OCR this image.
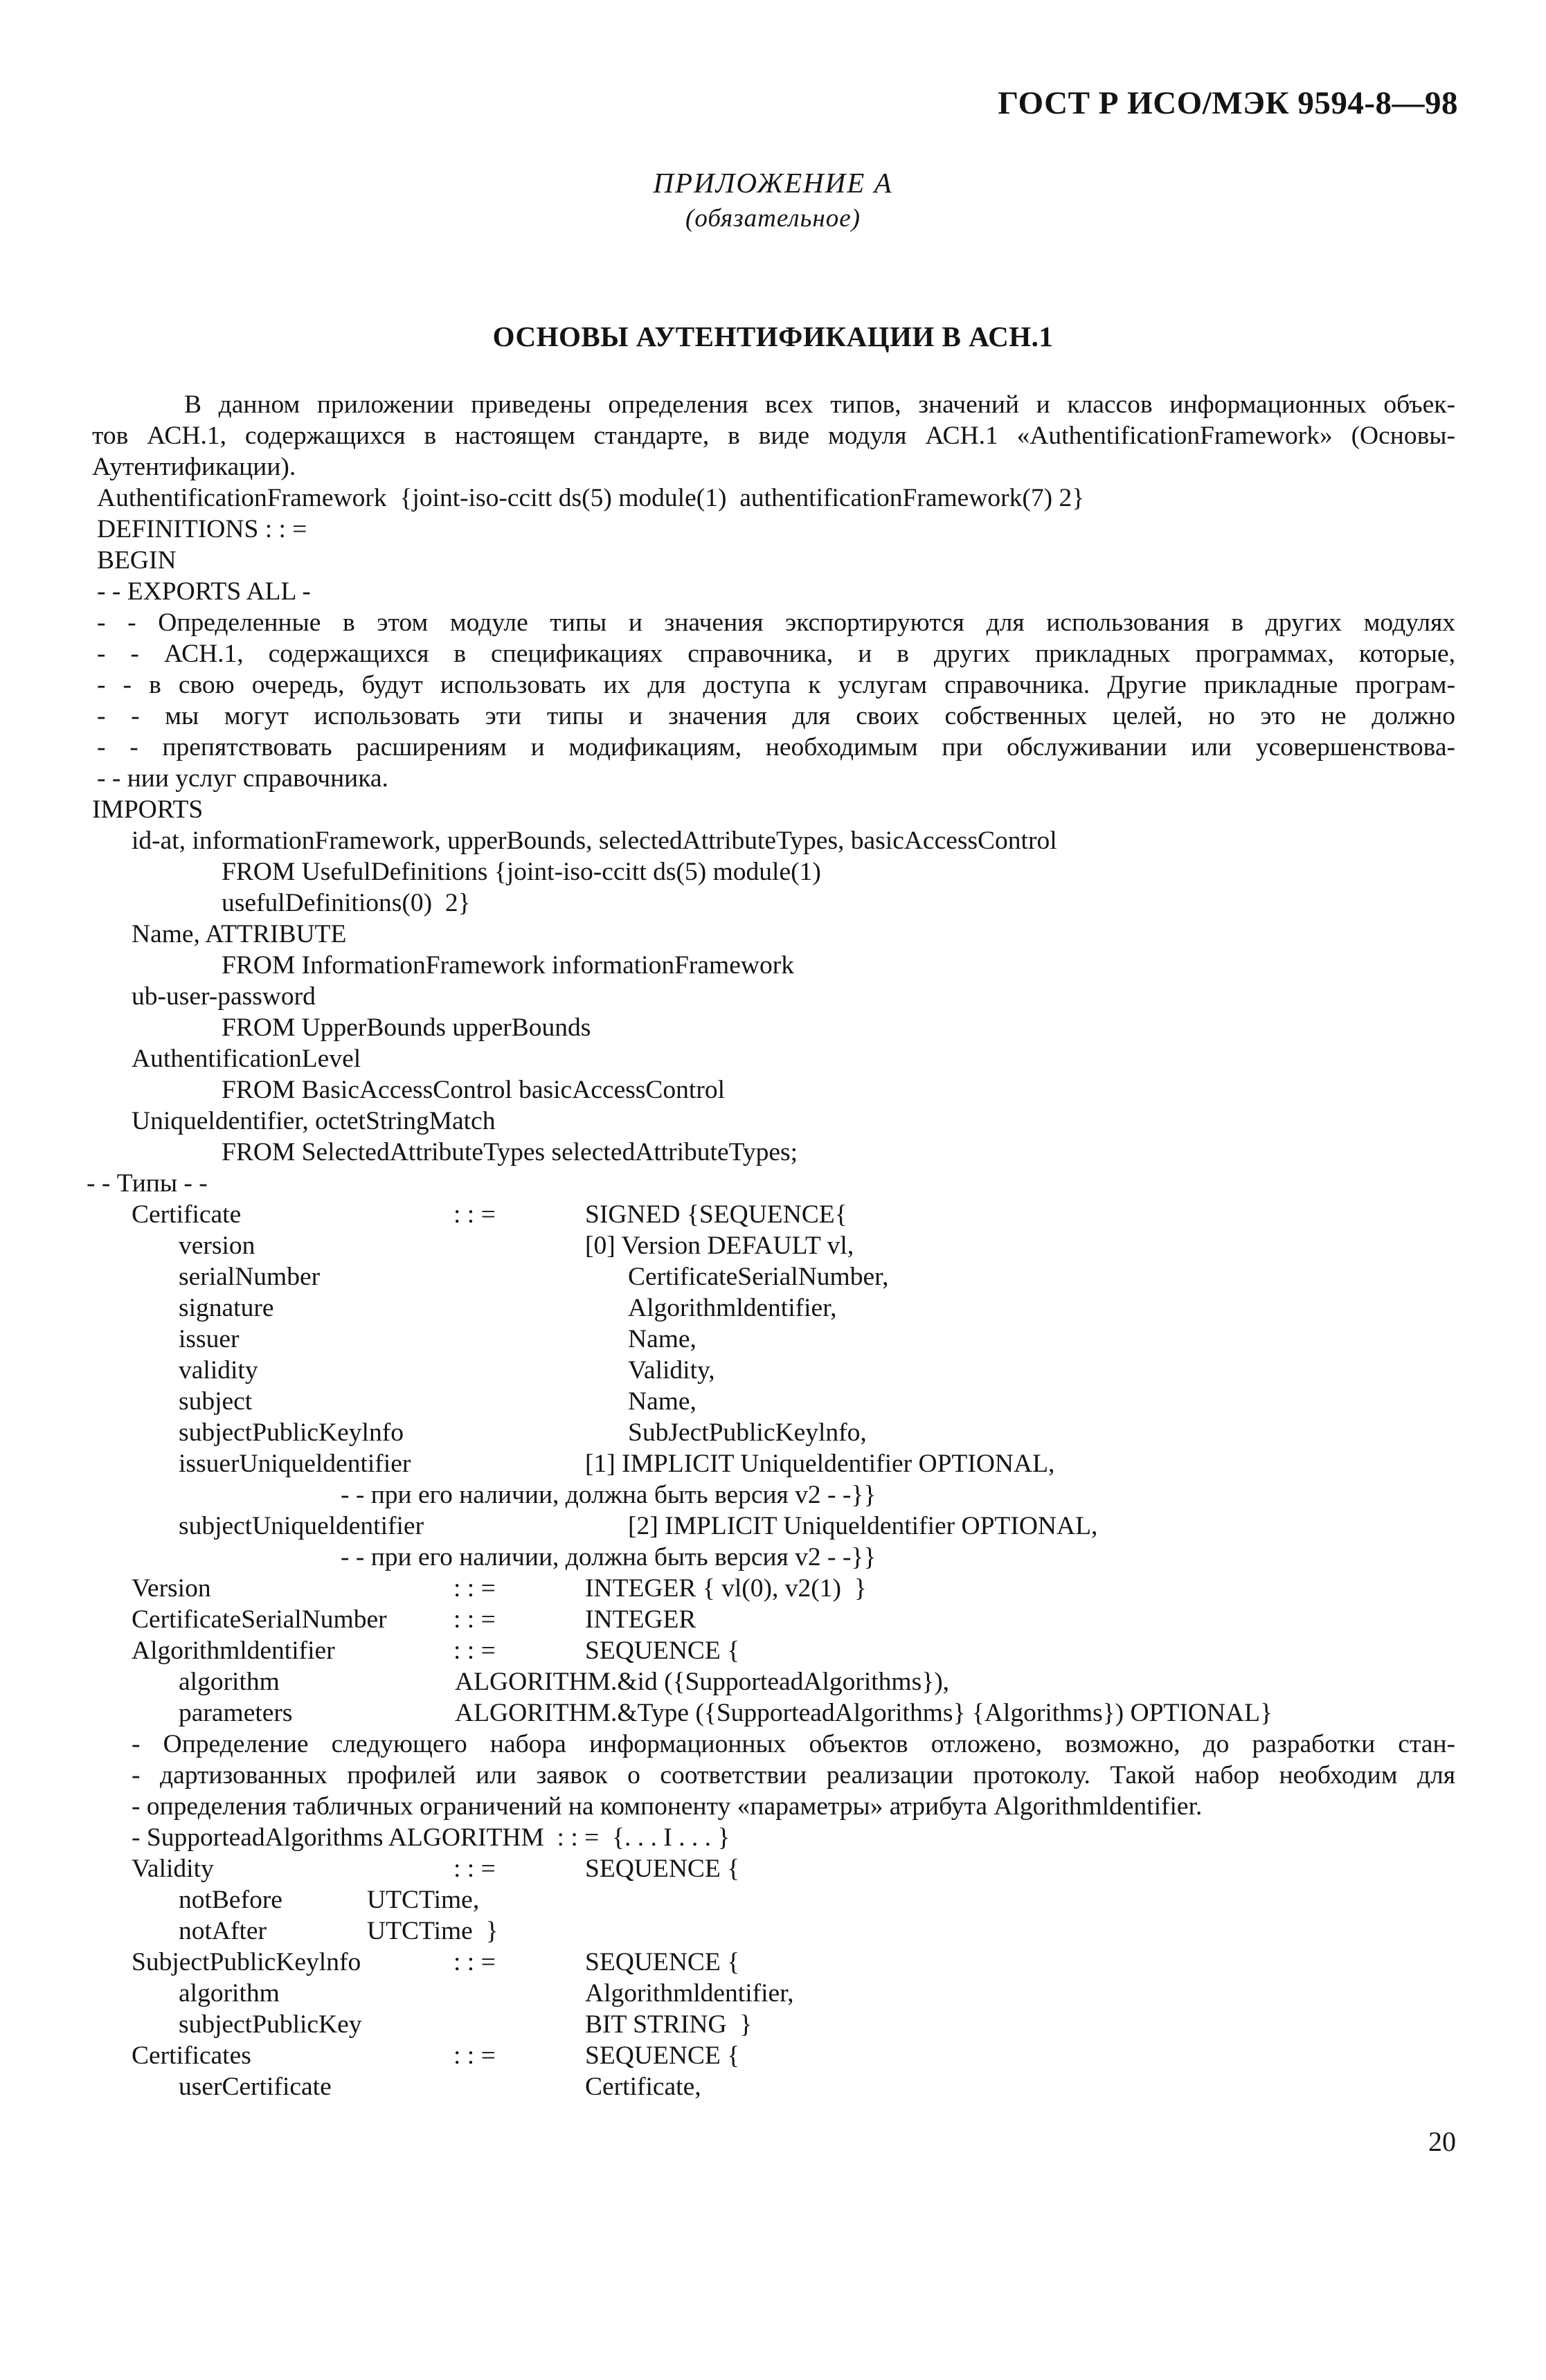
ГОСТ Р ИСО/МЭК 9594-8—98
ПРИЛОЖЕНИЕ А
(обязательное)
ОСНОВЫ АУТЕНТИФИКАЦИИ В АСН.1
В данном приложении приведены определения всех типов, значений и классов информационных объек-
тов АСН.1, содержащихся в настоящем стандарте, в виде модуля АСН.1 «AuthentificationFramework» (Основы-
Аутентификации).
AuthentificationFramework  {joint-iso-ccitt ds(5) module(1)  authentificationFramework(7) 2}
DEFINITIONS : : =
BEGIN
- - EXPORTS ALL -
- - Определенные в этом модуле типы и значения экспортируются для использования в других модулях
- - АСН.1, содержащихся в спецификациях справочника, и в других прикладных программах, которые,
- - в свою очередь, будут использовать их для доступа к услугам справочника. Другие прикладные програм-
- - мы могут использовать эти типы и значения для своих собственных целей, но это не должно
- - препятствовать расширениям и модификациям, необходимым при обслуживании или усовершенствова-
- - нии услуг справочника.
IMPORTS
id-at, informationFramework, upperBounds, selectedAttributeTypes, basicAccessControl
FROM UsefulDefinitions {joint-iso-ccitt ds(5) module(1)
usefulDefinitions(0)  2}
Name, ATTRIBUTE
FROM InformationFramework informationFramework
ub-user-password
FROM UpperBounds upperBounds
AuthentificationLevel
FROM BasicAccessControl basicAccessControl
Uniqueldentifier, octetStringMatch
FROM SelectedAttributeTypes selectedAttributeTypes;
- - Типы - -
Certificate	: : =	SIGNED {SEQUENCE{
version	[0] Version DEFAULT vl,
serialNumber	CertificateSerialNumber,
signature	Algorithmldentifier,
issuer	Name,
validity	Validity,
subject	Name,
subjectPublicKeylnfo	SubJectPublicKeylnfo,
issuerUniqueldentifier	[1] IMPLICIT Uniqueldentifier OPTIONAL,
- - при его наличии, должна быть версия v2 - -}}
subjectUniqueldentifier	[2] IMPLICIT Uniqueldentifier OPTIONAL,
- - при его наличии, должна быть версия v2 - -}}
Version	: : =	INTEGER { vl(0), v2(1)  }
CertificateSerialNumber	: : =	INTEGER
Algorithmldentifier	: : =	SEQUENCE {
algorithm	ALGORITHM.&id ({SupporteadAlgorithms}),
parameters	ALGORITHM.&Type ({SupporteadAlgorithms} {Algorithms}) OPTIONAL}
- Определение следующего набора информационных объектов отложено, возможно, до разработки стан-
- дартизованных профилей или заявок о соответствии реализации протоколу. Такой набор необходим для
- определения табличных ограничений на компоненту «параметры» атрибута Algorithmldentifier.
- SupporteadAlgorithms ALGORITHM  : : =  {. . . I . . . }
Validity	: : =	SEQUENCE {
notBefore	UTCTime,
notAfter	UTCTime  }
SubjectPublicKeylnfo	: : =	SEQUENCE {
algorithm	Algorithmldentifier,
subjectPublicKey	BIT STRING  }
Certificates	: : =	SEQUENCE {
userCertificate	Certificate,
20
